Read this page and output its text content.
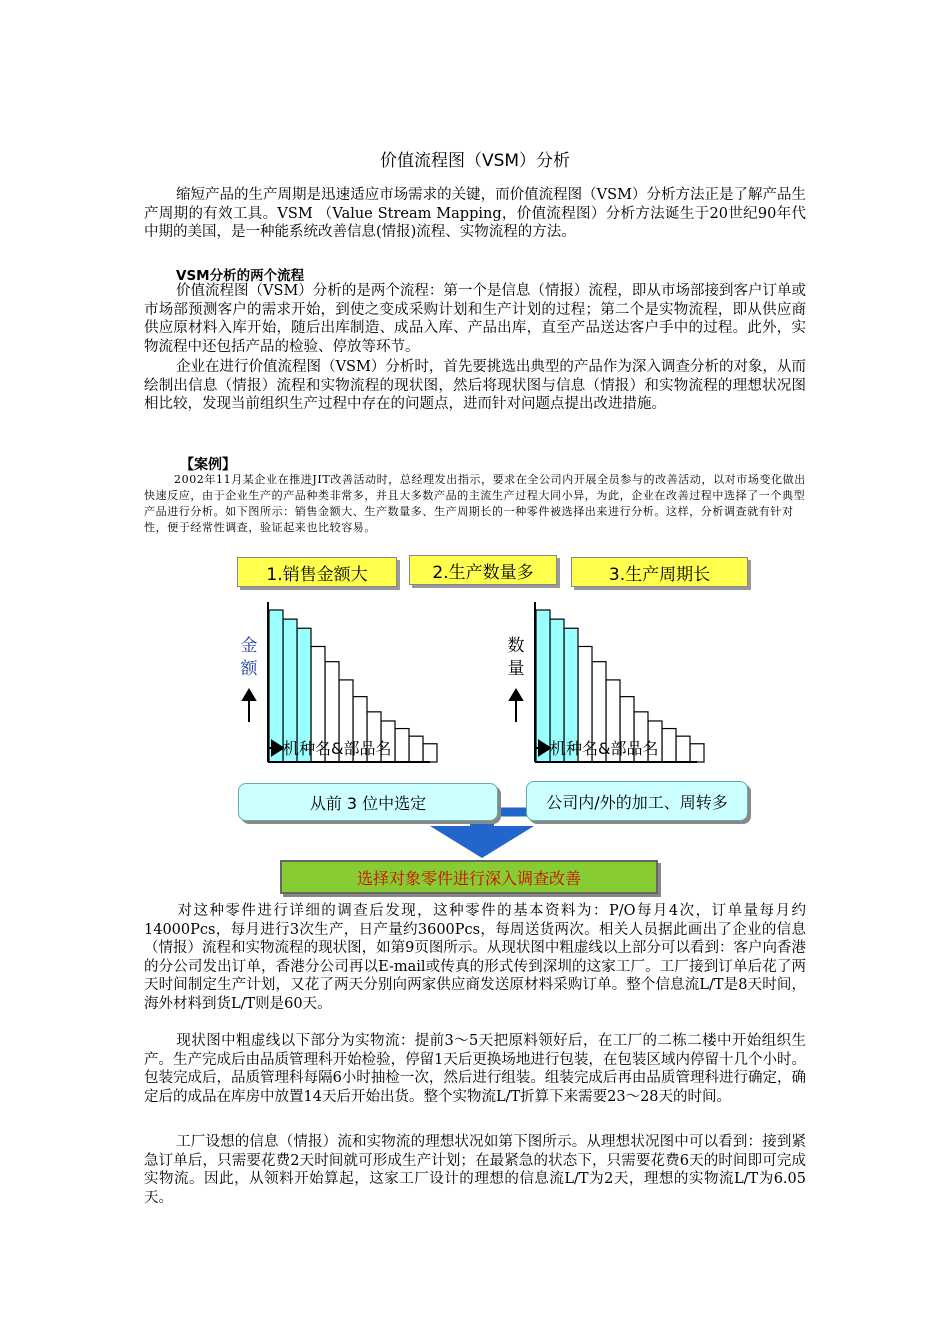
价值流程图（VSM）分析

缩短产品的生产周期是迅速适应市场需求的关键，而价值流程图（VSM）分析方法正是了解产品生产周期的有效工具。VSM （Value Stream Mapping，价值流程图）分析方法诞生于20世纪90年代中期的美国，是一种能系统改善信息(情报)流程、实物流程的方法。

VSM分析的两个流程

价值流程图（VSM）分析的是两个流程：第一个是信息（情报）流程，即从市场部接到客户订单或市场部预测客户的需求开始，到使之变成采购计划和生产计划的过程；第二个是实物流程，即从供应商供应原材料入库开始，随后出库制造、成品入库、产品出库，直至产品送达客户手中的过程。此外，实物流程中还包括产品的检验、停放等环节。

企业在进行价值流程图（VSM）分析时，首先要挑选出典型的产品作为深入调查分析的对象，从而绘制出信息（情报）流程和实物流程的现状图，然后将现状图与信息（情报）和实物流程的理想状况图相比较，发现当前组织生产过程中存在的问题点，进而针对问题点提出改进措施。

【案例】

2002年11月某企业在推进JIT改善活动时，总经理发出指示，要求在全公司内开展全员参与的改善活动，以对市场变化做出快速反应，由于企业生产的产品种类非常多，并且大多数产品的主流生产过程大同小异，为此，企业在改善过程中选择了一个典型产品进行分析。如下图所示：销售金额大、生产数量多、生产周期长的一种零件被选择出来进行分析。这样，分析调查就有针对性，便于经常性调查，验证起来也比较容易。

1.销售金额大	2.生产数量多	3.生产周期长
金
额
机种名&部品名
数
量
机种名&部品名
从前 3 位中选定	公司内/外的加工、周转多
选择对象零件进行深入调查改善

对这种零件进行详细的调查后发现，这种零件的基本资料为：P/O每月4次，订单量每月约14000Pcs，每月进行3次生产，日产量约3600Pcs，每周送货两次。相关人员据此画出了企业的信息（情报）流程和实物流程的现状图，如第9页图所示。从现状图中粗虚线以上部分可以看到：客户向香港的分公司发出订单，香港分公司再以E-mail或传真的形式传到深圳的这家工厂。工厂接到订单后花了两天时间制定生产计划，又花了两天分别向两家供应商发送原材料采购订单。整个信息流L/T是8天时间，海外材料到货L/T则是60天。

现状图中粗虚线以下部分为实物流：提前3～5天把原料领好后，在工厂的二栋二楼中开始组织生产。生产完成后由品质管理科开始检验，停留1天后更换场地进行包装，在包装区域内停留十几个小时。包装完成后，品质管理科每隔6小时抽检一次，然后进行组装。组装完成后再由品质管理科进行确定，确定后的成品在库房中放置14天后开始出货。整个实物流L/T折算下来需要23～28天的时间。

工厂设想的信息（情报）流和实物流的理想状况如第下图所示。从理想状况图中可以看到：接到紧急订单后，只需要花费2天时间就可形成生产计划；在最紧急的状态下，只需要花费6天的时间即可完成实物流。因此，从领料开始算起，这家工厂设计的理想的信息流L/T为2天，理想的实物流L/T为6.05天。
